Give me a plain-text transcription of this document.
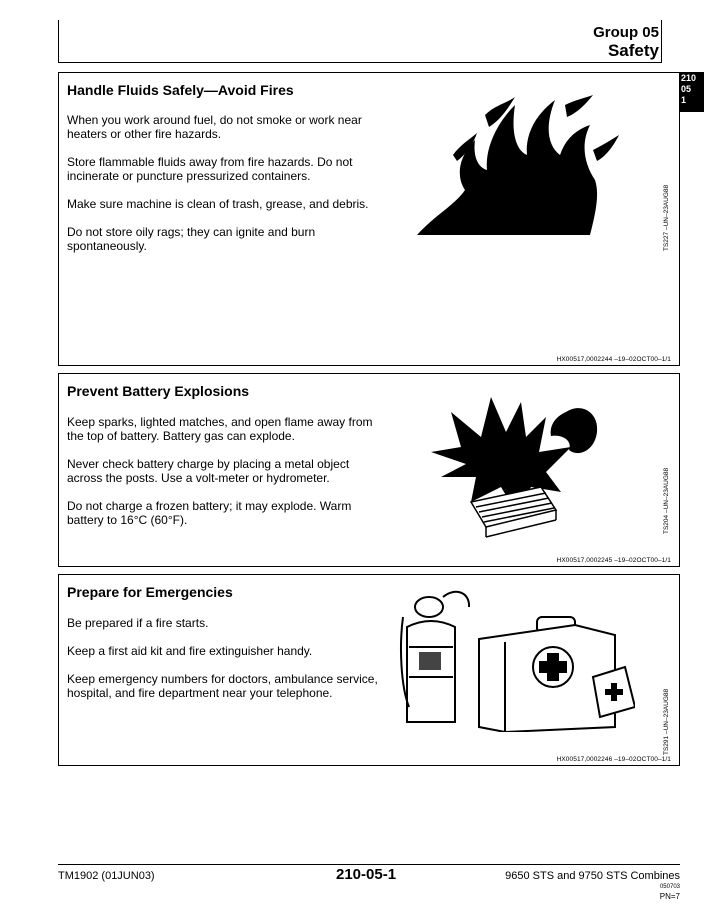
Group 05
Safety
210
05
1
Handle Fluids Safely—Avoid Fires
When you work around fuel, do not smoke or work near heaters or other fire hazards.
Store flammable fluids away from fire hazards. Do not incinerate or puncture pressurized containers.
Make sure machine is clean of trash, grease, and debris.
Do not store oily rags; they can ignite and burn spontaneously.	TS227 –UN–23AUG88
HX00517,0002244 –19–02OCT00–1/1
Prevent Battery Explosions
Keep sparks, lighted matches, and open flame away from the top of battery. Battery gas can explode.
Never check battery charge by placing a metal object across the posts. Use a volt-meter or hydrometer.
Do not charge a frozen battery; it may explode. Warm battery to 16°C (60°F).	TS204 –UN–23AUG88
HX00517,0002245 –19–02OCT00–1/1
Prepare for Emergencies
Be prepared if a fire starts.
Keep a first aid kit and fire extinguisher handy.
Keep emergency numbers for doctors, ambulance service, hospital, and fire department near your telephone.	TS291 –UN–23AUG88
HX00517,0002246 –19–02OCT00–1/1
TM1902 (01JUN03)	210-05-1	9650 STS and 9750 STS Combines
050703
PN=7
